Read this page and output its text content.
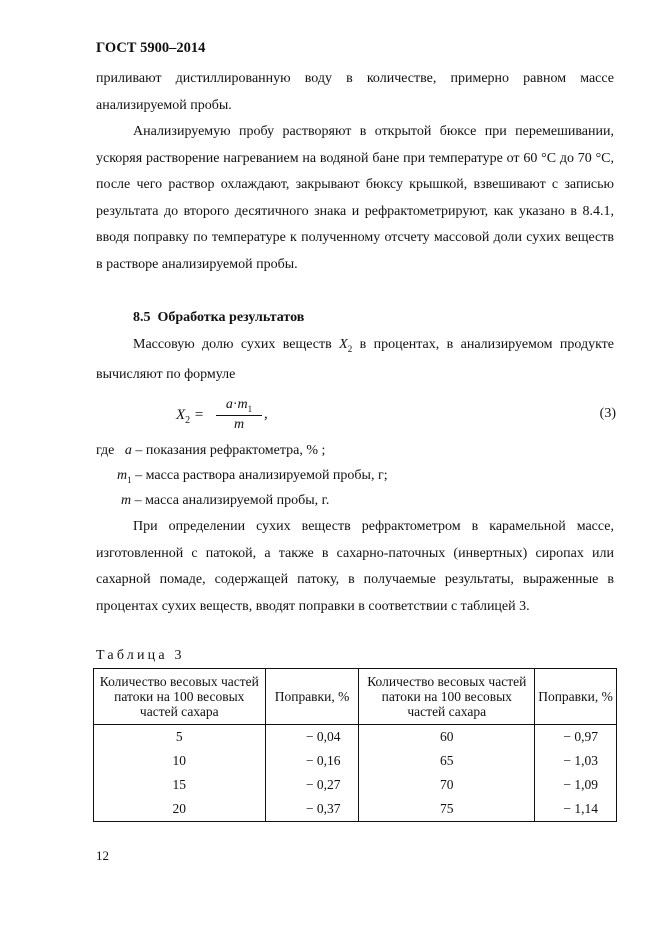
ГОСТ 5900–2014

приливают дистиллированную воду в количестве, примерно равном массе анализируемой пробы.

Анализируемую пробу растворяют в открытой бюксе при перемешивании, ускоряя растворение нагреванием на водяной бане при температуре от 60 °С до 70 °С, после чего раствор охлаждают, закрывают бюксу крышкой, взвешивают с записью результата до второго десятичного знака и рефрактометрируют, как указано в 8.4.1, вводя поправку по температуре к полученному отсчету массовой доли сухих веществ в растворе анализируемой пробы.

8.5 Обработка результатов

Массовую долю сухих веществ $X_2$ в процентах, в анализируемом продукте вычисляют по формуле

$X_2 = \frac{a\cdot m_1}{m}$ ,	(3)
где a – показания рефрактометра, % ;
$m_1$ – масса раствора анализируемой пробы, г;
m – масса анализируемой пробы, г.

При определении сухих веществ рефрактометром в карамельной массе, изготовленной с патокой, а также в сахарно-паточных (инвертных) сиропах или сахарной помаде, содержащей патоку, в получаемые результаты, выраженные в процентах сухих веществ, вводят поправки в соответствии с таблицей 3.

Таблица 3
Количество весовых частей патоки на 100 весовых частей сахара	Поправки, %	Количество весовых частей патоки на 100 весовых частей сахара	Поправки, %
5	− 0,04	60	− 0,97
10	− 0,16	65	− 1,03
15	− 0,27	70	− 1,09
20	− 0,37	75	− 1,14
12
